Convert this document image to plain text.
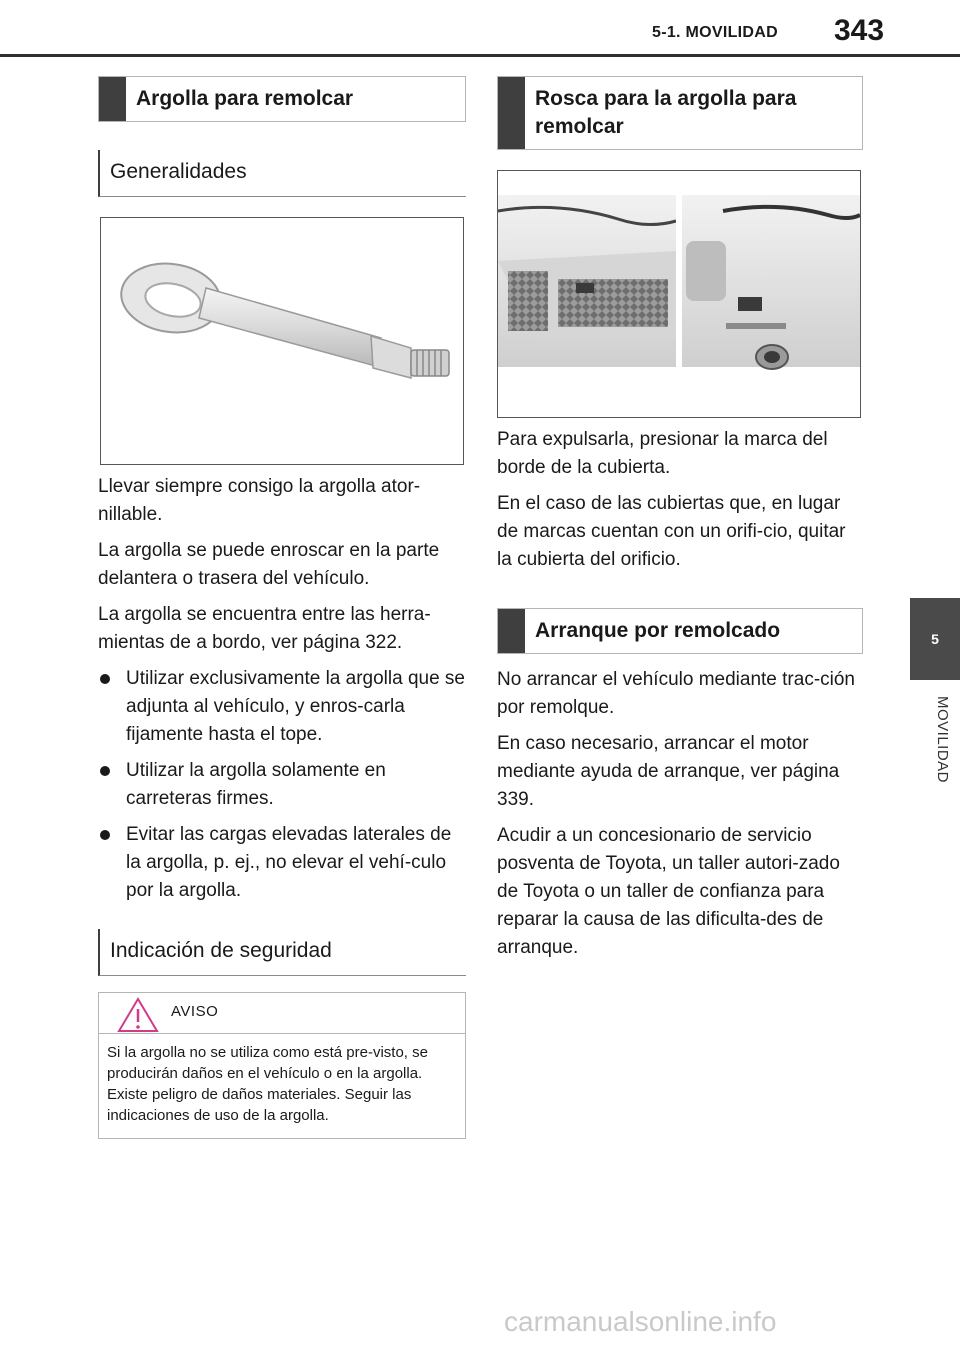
5-1. MOVILIDAD 343
5
MOVILIDAD
Argolla para remolcar
Generalidades

Llevar siempre consigo la argolla ator-nillable.

La argolla se puede enroscar en la parte delantera o trasera del vehículo.

La argolla se encuentra entre las herra-mientas de a bordo, ver página 322.

Utilizar exclusivamente la argolla que se adjunta al vehículo, y enros-carla fijamente hasta el tope.
Utilizar la argolla solamente en carreteras firmes.
Evitar las cargas elevadas laterales de la argolla, p. ej., no elevar el vehí-culo por la argolla.
Indicación de seguridad
AVISO
Si la argolla no se utiliza como está pre-visto, se producirán daños en el vehículo o en la argolla. Existe peligro de daños materiales. Seguir las indicaciones de uso de la argolla.
Rosca para la argolla para remolcar

Para expulsarla, presionar la marca del borde de la cubierta.

En el caso de las cubiertas que, en lugar de marcas cuentan con un orifi-cio, quitar la cubierta del orificio.

Arranque por remolcado

No arrancar el vehículo mediante trac-ción por remolque.

En caso necesario, arrancar el motor mediante ayuda de arranque, ver página 339.

Acudir a un concesionario de servicio posventa de Toyota, un taller autori-zado de Toyota o un taller de confianza para reparar la causa de las dificulta-des de arranque.

carmanualsonline.info
